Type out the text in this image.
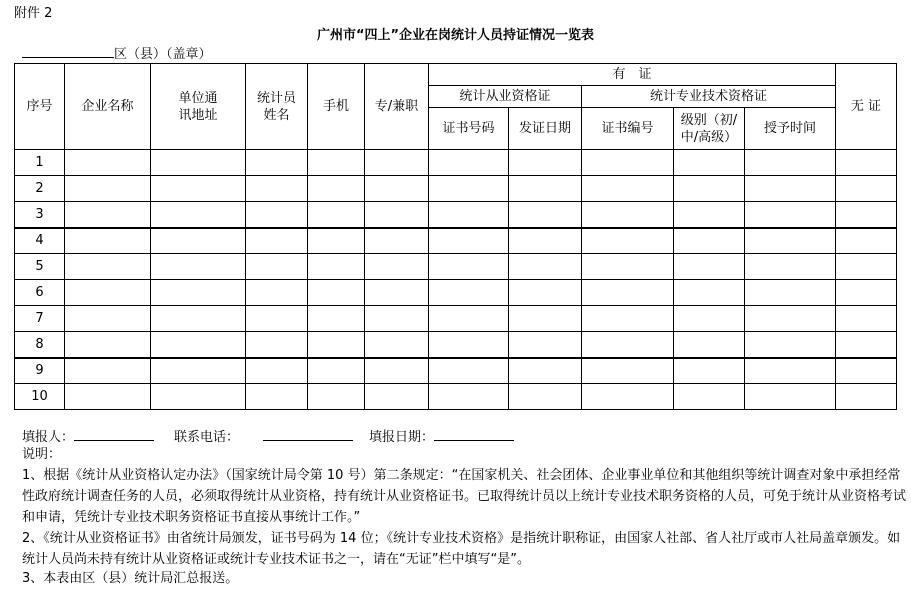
附件 2
广州市“四上”企业在岗统计人员持证情况一览表
区（县）（盖章）
序号	企业名称	单位通讯地址	统计员姓名	手机	专/兼职	有　证					无 证
						统计从业资格证		统计专业技术资格证			
						证书号码	发证日期	证书编号	级别（初/中/高级）	授予时间	

1											
2											
3											
4											
5											
6											
7											
8											
9											
10											
填报人：	联系电话：	填报日期：
说明：
1、根据《统计从业资格认定办法》（国家统计局令第 10 号）第二条规定：“在国家机关、社会团体、企业事业单位和其他组织等统计调查对象中承担经常性政府统计调查任务的人员，必须取得统计从业资格，持有统计从业资格证书。已取得统计员以上统计专业技术职务资格的人员，可免于统计从业资格考试和申请，凭统计专业技术职务资格证书直接从事统计工作。”
2、《统计从业资格证书》由省统计局颁发，证书号码为 14 位；《统计专业技术资格》是指统计职称证，由国家人社部、省人社厅或市人社局盖章颁发。如统计人员尚未持有统计从业资格证或统计专业技术证书之一，请在“无证”栏中填写“是”。
3、本表由区（县）统计局汇总报送。
